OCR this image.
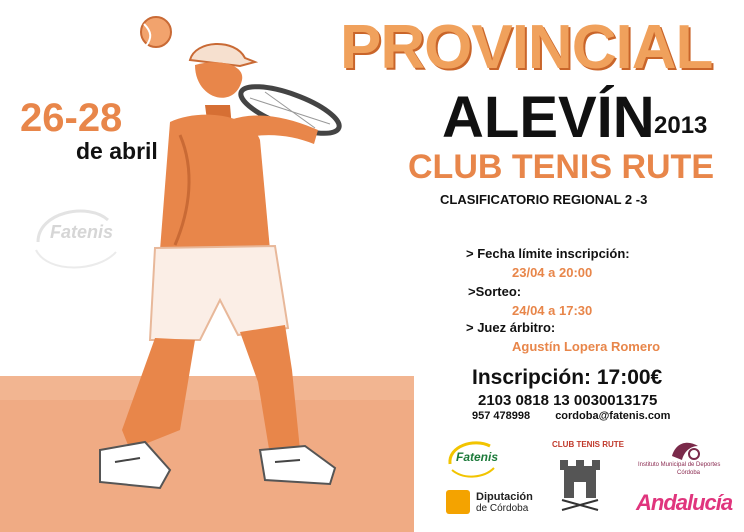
Fatenis
26-28
de abril
PROVINCIAL
ALEVÍN 2013
CLUB TENIS RUTE
CLASIFICATORIO REGIONAL 2 -3
> Fecha límite inscripción:
23/04 a 20:00
>Sorteo:
24/04 a 17:30
> Juez árbitro:
Agustín Lopera Romero
Inscripción: 17:00€
2103 0818 13 0030013175
957 478998 cordoba@fatenis.com
Fatenis
CLUB TENIS RUTE
Instituto Municipal de Deportes
Córdoba
Diputación
de Córdoba	Andalucía
